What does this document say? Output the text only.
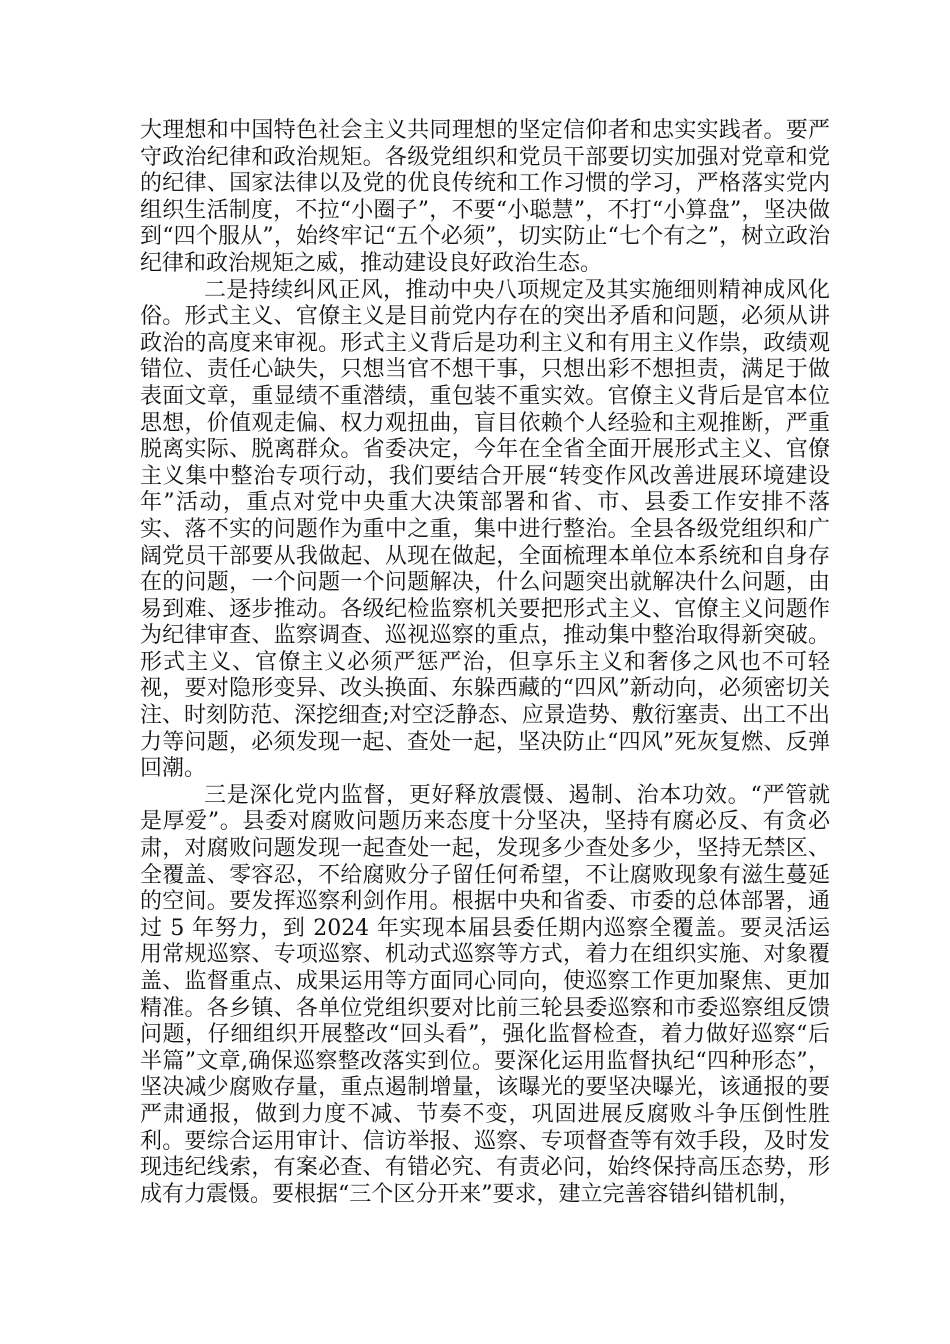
大理想和中国特色社会主义共同理想的坚定信仰者和忠实实践者。要严守政治纪律和政治规矩。各级党组织和党员干部要切实加强对党章和党的纪律、国家法律以及党的优良传统和工作习惯的学习，严格落实党内组织生活制度，不拉“小圈子”，不要“小聪慧”，不打“小算盘”，坚决做到“四个服从”，始终牢记“五个必须”，切实防止“七个有之”，树立政治纪律和政治规矩之威，推动建设良好政治生态。

二是持续纠风正风，推动中央八项规定及其实施细则精神成风化俗。形式主义、官僚主义是目前党内存在的突出矛盾和问题，必须从讲政治的高度来审视。形式主义背后是功利主义和有用主义作祟，政绩观错位、责任心缺失，只想当官不想干事，只想出彩不想担责，满足于做表面文章，重显绩不重潜绩，重包装不重实效。官僚主义背后是官本位思想，价值观走偏、权力观扭曲，盲目依赖个人经验和主观推断，严重脱离实际、脱离群众。省委决定，今年在全省全面开展形式主义、官僚主义集中整治专项行动，我们要结合开展“转变作风改善进展环境建设年”活动，重点对党中央重大决策部署和省、市、县委工作安排不落实、落不实的问题作为重中之重，集中进行整治。全县各级党组织和广阔党员干部要从我做起、从现在做起，全面梳理本单位本系统和自身存在的问题，一个问题一个问题解决，什么问题突出就解决什么问题，由易到难、逐步推动。各级纪检监察机关要把形式主义、官僚主义问题作为纪律审查、监察调查、巡视巡察的重点，推动集中整治取得新突破。形式主义、官僚主义必须严惩严治，但享乐主义和奢侈之风也不可轻视，要对隐形变异、改头换面、东躲西藏的“四风”新动向，必须密切关注、时刻防范、深挖细查;对空泛静态、应景造势、敷衍塞责、出工不出力等问题，必须发现一起、查处一起，坚决防止“四风”死灰复燃、反弹回潮。

三是深化党内监督，更好释放震慑、遏制、治本功效。“严管就是厚爱”。县委对腐败问题历来态度十分坚决，坚持有腐必反、有贪必肃，对腐败问题发现一起查处一起，发现多少查处多少，坚持无禁区、全覆盖、零容忍，不给腐败分子留任何希望，不让腐败现象有滋生蔓延的空间。要发挥巡察利剑作用。根据中央和省委、市委的总体部署，通过 5 年努力，到 2024 年实现本届县委任期内巡察全覆盖。要灵活运用常规巡察、专项巡察、机动式巡察等方式，着力在组织实施、对象覆盖、监督重点、成果运用等方面同心同向，使巡察工作更加聚焦、更加精准。各乡镇、各单位党组织要对比前三轮县委巡察和市委巡察组反馈问题，仔细组织开展整改“回头看”，强化监督检查，着力做好巡察“后半篇”文章,确保巡察整改落实到位。要深化运用监督执纪“四种形态”，坚决减少腐败存量，重点遏制增量，该曝光的要坚决曝光，该通报的要严肃通报，做到力度不减、节奏不变，巩固进展反腐败斗争压倒性胜利。要综合运用审计、信访举报、巡察、专项督查等有效手段，及时发现违纪线索，有案必查、有错必究、有责必问，始终保持高压态势，形成有力震慑。要根据“三个区分开来”要求，建立完善容错纠错机制，
